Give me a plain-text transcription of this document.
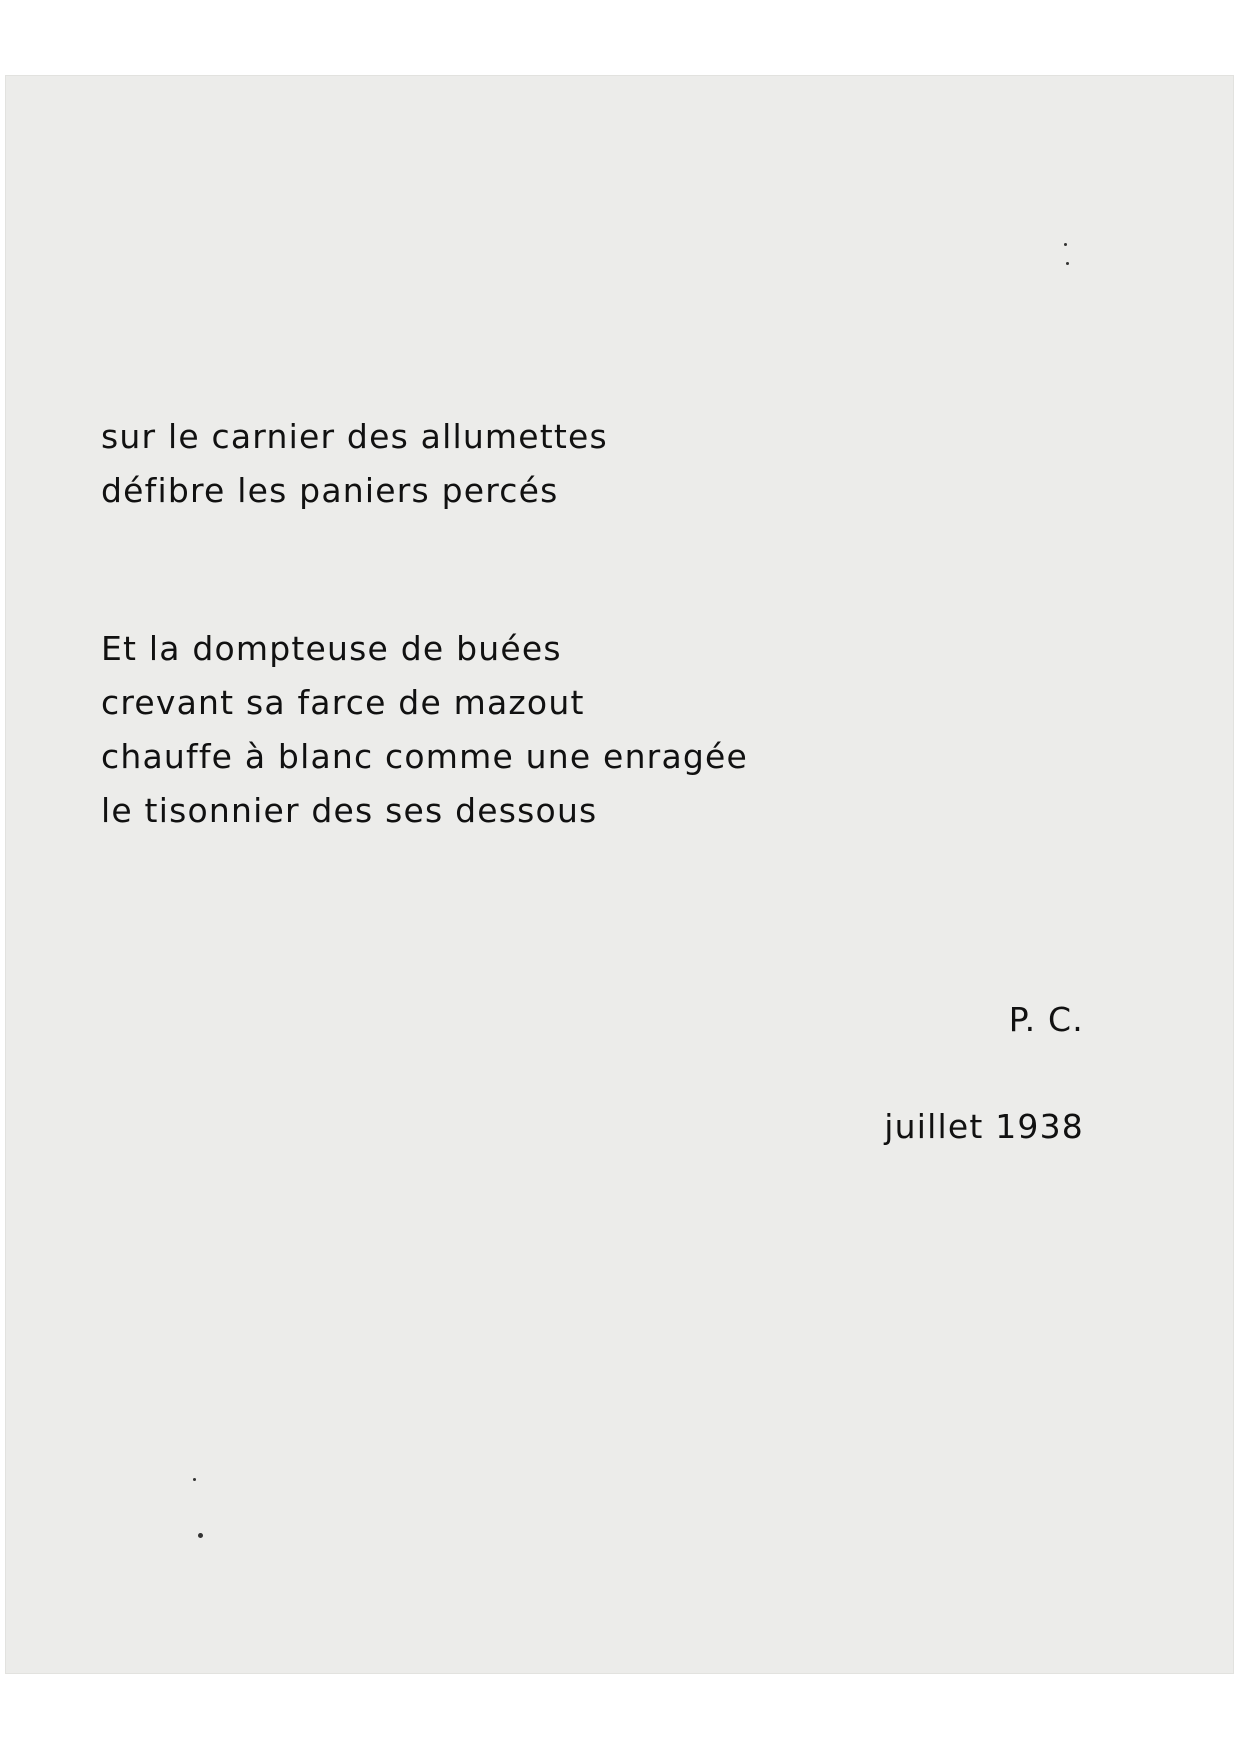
sur le carnier des allumettes
défibre les paniers percés
Et la dompteuse de buées
crevant sa farce de mazout
chauffe à blanc comme une enragée
le tisonnier des ses dessous
P. C.
juillet 1938
